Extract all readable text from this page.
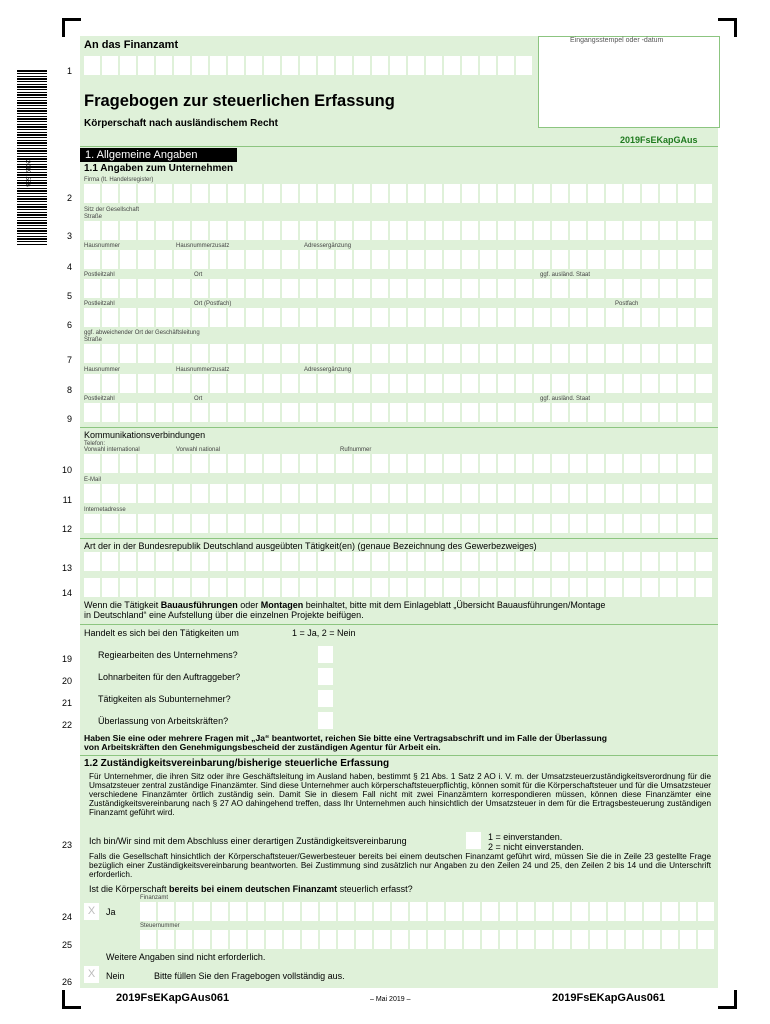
20191556
An das Finanzamt	Eingangsstempel oder -datum
Fragebogen zur steuerlichen Erfassung
Körperschaft nach ausländischem Recht
2019FsEKapGAus
1. Allgemeine Angaben
1.1 Angaben zum Unternehmen
Firma (lt. Handelsregister)
Sitz der Gesellschaft
Straße
Hausnummer	Hausnummerzusatz	Adressergänzung
Postleitzahl	Ort	ggf. ausländ. Staat
Postleitzahl	Ort (Postfach)	Postfach
ggf. abweichender Ort der Geschäftsleitung
Straße
Hausnummer	Hausnummerzusatz	Adressergänzung
Postleitzahl	Ort	ggf. ausländ. Staat
Kommunikationsverbindungen
Telefon:
Vorwahl international	Vorwahl national	Rufnummer
E-Mail
Internetadresse
Art der in der Bundesrepublik Deutschland ausgeübten Tätigkeit(en) (genaue Bezeichnung des Gewerbezweiges)
Wenn die Tätigkeit Bauausführungen oder Montagen beinhaltet, bitte mit dem Einlageblatt „Übersicht Bauausführungen/Montage
in Deutschland“ eine Aufstellung über die einzelnen Projekte beifügen.
Handelt es sich bei den Tätigkeiten um	1 = Ja, 2 = Nein
Regiearbeiten des Unternehmens?
Lohnarbeiten für den Auftraggeber?
Tätigkeiten als Subunternehmer?
Überlassung von Arbeitskräften?
Haben Sie eine oder mehrere Fragen mit „Ja“ beantwortet, reichen Sie bitte eine Vertragsabschrift und im Falle der Überlassung
von Arbeitskräften den Genehmigungsbescheid der zuständigen Agentur für Arbeit ein.
1.2 Zuständigkeitsvereinbarung/bisherige steuerliche Erfassung
Für Unternehmer, die ihren Sitz oder ihre Geschäftsleitung im Ausland haben, bestimmt § 21 Abs. 1 Satz 2 AO i. V. m. der Umsatzsteuerzuständigkeitsverordnung für die Umsatzsteuer zentral zuständige Finanzämter. Sind diese Unternehmer auch körperschaftsteuerpflichtig, können somit für die Körperschaftsteuer und für die Umsatzsteuer verschiedene Finanzämter örtlich zuständig sein. Damit Sie in diesem Fall nicht mit zwei Finanzämtern korrespondieren müssen, können diese Finanzämter eine Zuständigkeitsvereinbarung nach § 27 AO dahingehend treffen, dass Ihr Unternehmen auch hinsichtlich der Umsatzsteuer in dem für die Ertragsbesteuerung zuständigen Finanzamt geführt wird.
Ich bin/Wir sind mit dem Abschluss einer derartigen Zuständigkeitsvereinbarung	1 = einverstanden.
2 = nicht einverstanden.
Falls die Gesellschaft hinsichtlich der Körperschaftsteuer/Gewerbesteuer bereits bei einem deutschen Finanzamt geführt wird, müssen Sie die in Zeile 23 gestellte Frage bezüglich einer Zuständigkeitsvereinbarung beantworten. Bei Zustimmung sind zusätzlich nur Angaben zu den Zeilen 24 und 25, den Zeilen 2 bis 14 und die Unterschrift erforderlich.
Ist die Körperschaft bereits bei einem deutschen Finanzamt steuerlich erfasst?
Finanzamt
X	Ja
Steuernummer
Weitere Angaben sind nicht erforderlich.
X	Nein	Bitte füllen Sie den Fragebogen vollständig aus.
1
2
3
4
5
6
7
8
9
10
11
12
13
14
19
20
21
22
23
24
25
26
2019FsEKapGAus061	– Mai 2019 –	2019FsEKapGAus061
